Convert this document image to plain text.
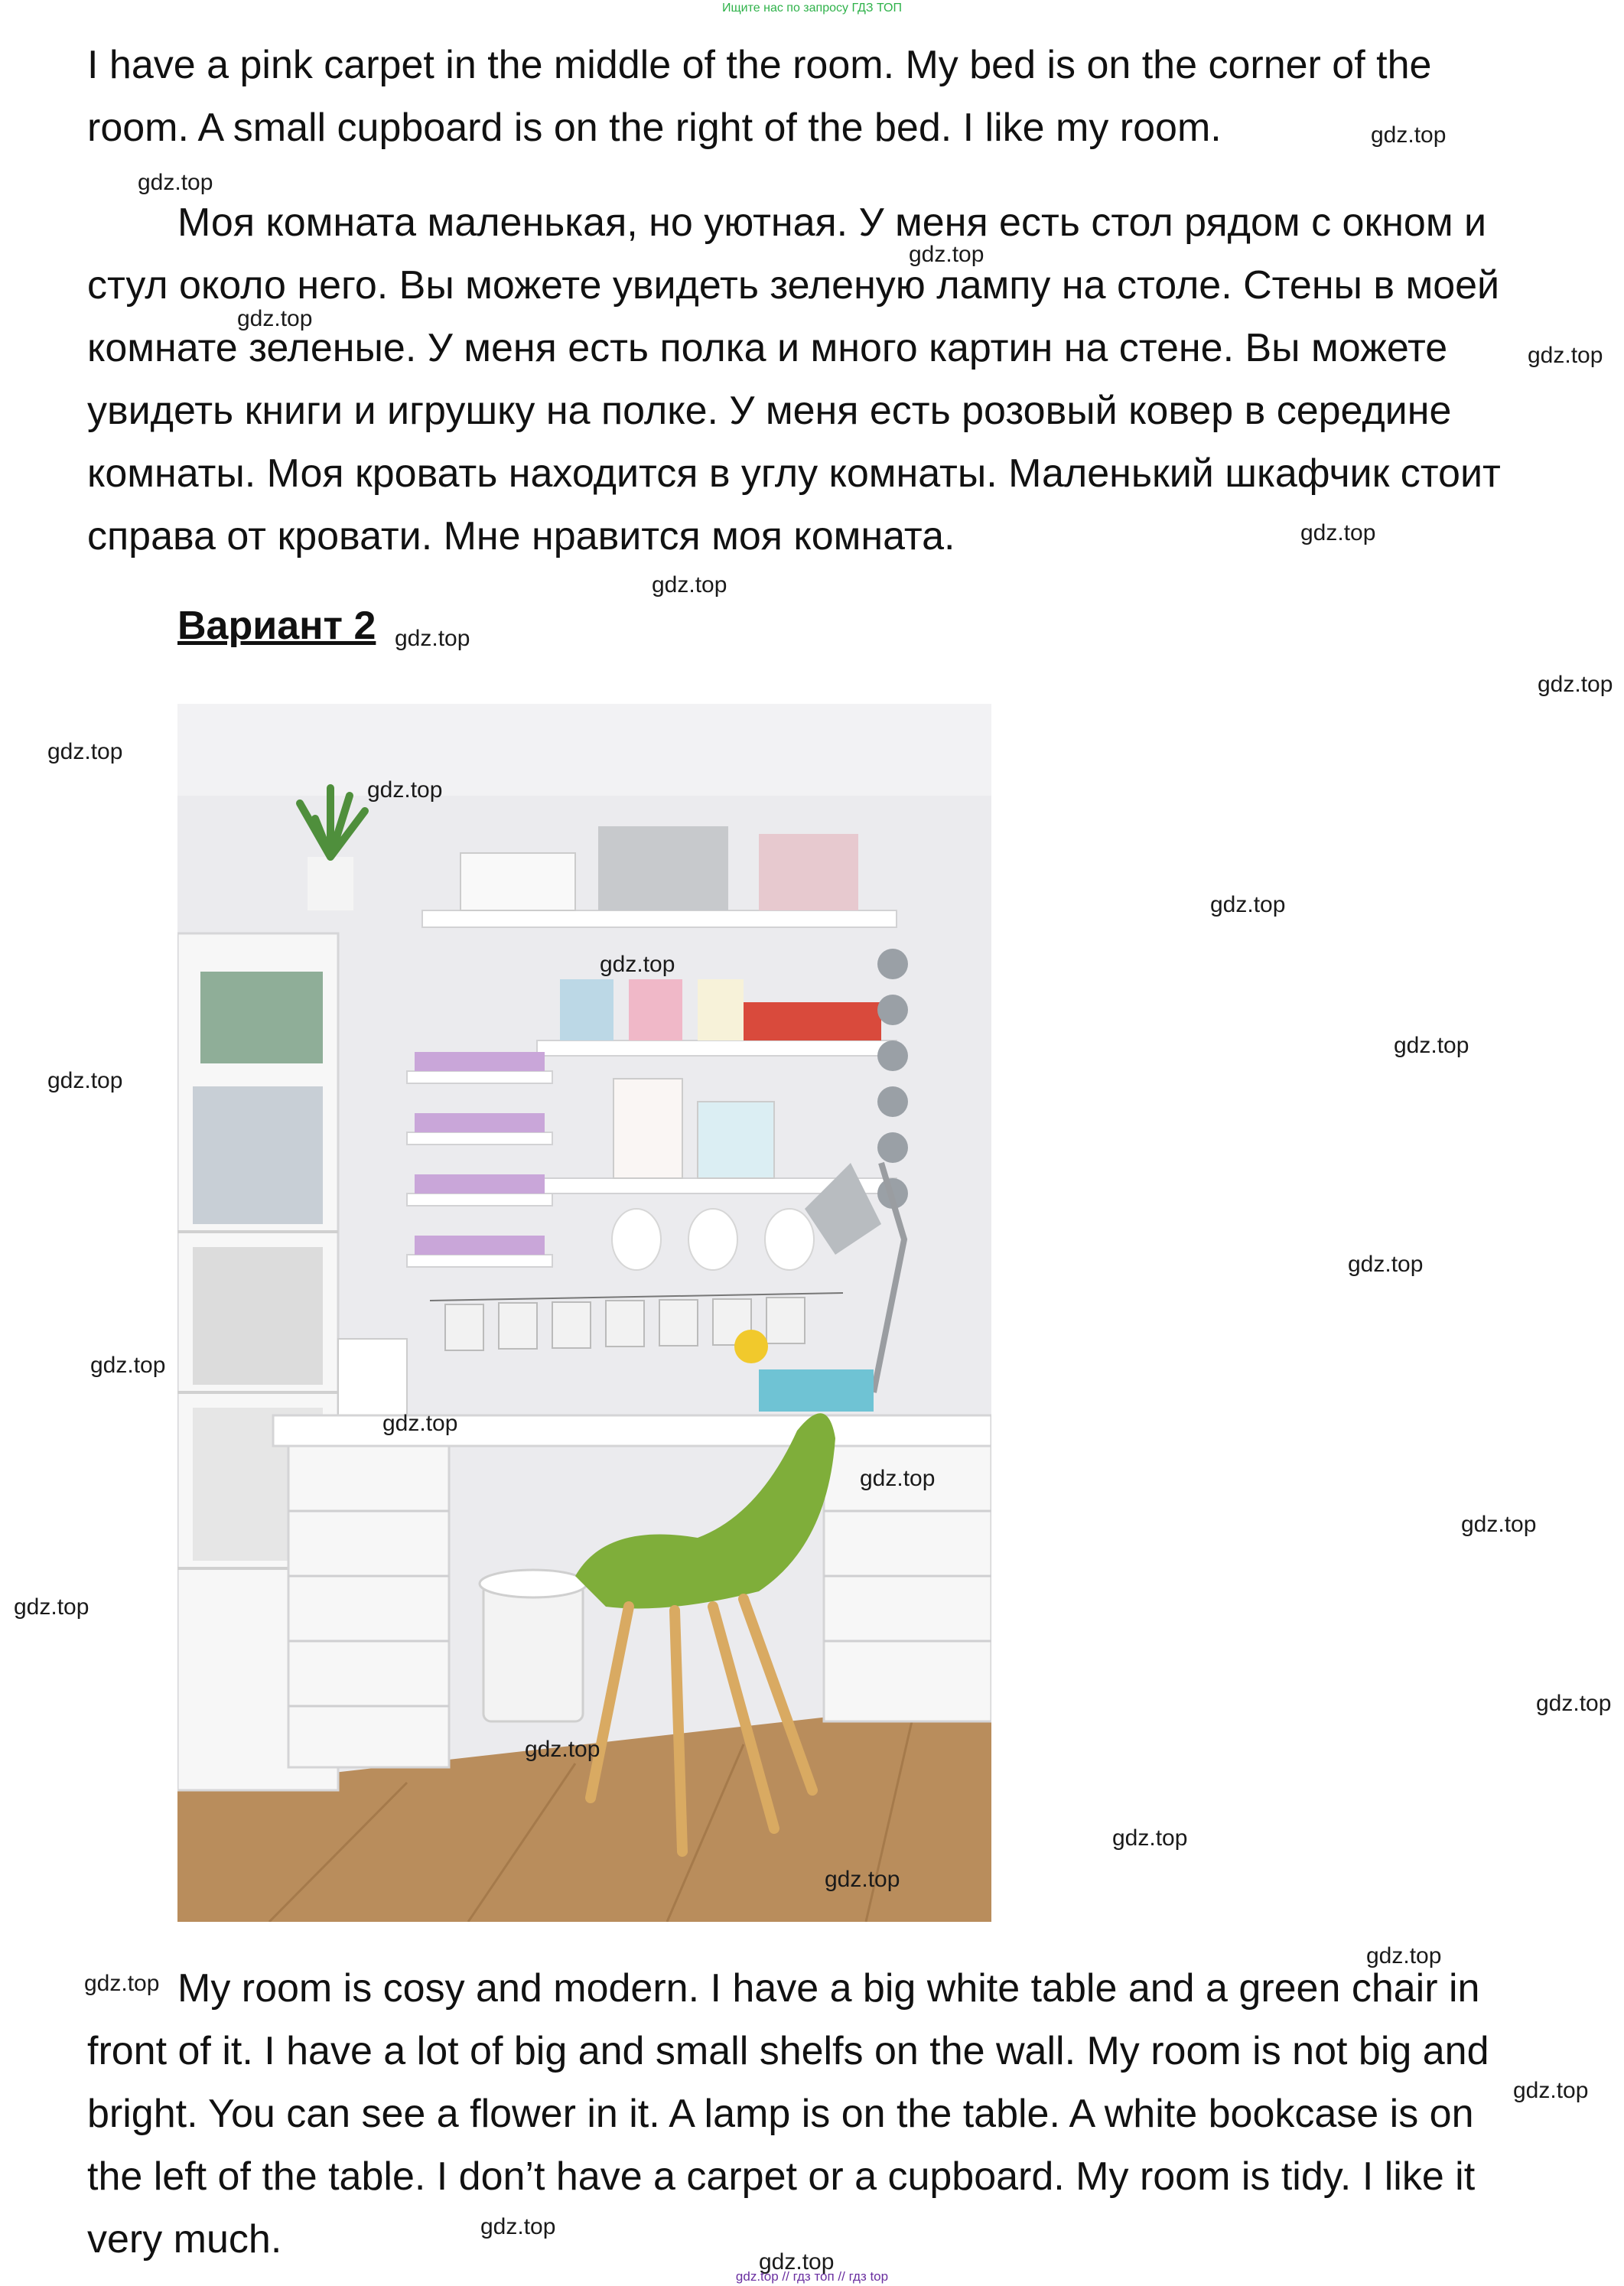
Ищите нас по запросу ГДЗ ТОП
I have a pink carpet in the middle of the room. My bed is on the corner of the
room. A small cupboard is on the right of the bed. I like my room.
Моя комната маленькая, но уютная. У меня есть стол рядом с окном и
стул около него. Вы можете увидеть зеленую лампу на столе. Стены в моей
комнате зеленые. У меня есть полка и много картин на стене. Вы можете
увидеть книги и игрушку на полке. У меня есть розовый ковер в середине
комнаты. Моя кровать находится в углу комнаты. Маленький шкафчик стоит
справа от кровати. Мне нравится моя комната.
Вариант 2
My room is cosy and modern. I have a big white table and a green chair in
front of it. I have a lot of big and small shelfs on the wall. My room is not big and
bright. You can see a flower in it. A lamp is on the table. A white bookcase is on
the left of the table. I don’t have a carpet or a cupboard. My room is tidy. I like it
very much.
gdz.top
gdz.top
gdz.top
gdz.top
gdz.top
gdz.top
gdz.top
gdz.top
gdz.top
gdz.top
gdz.top
gdz.top
gdz.top
gdz.top
gdz.top
gdz.top
gdz.top
gdz.top
gdz.top
gdz.top
gdz.top
gdz.top
gdz.top
gdz.top
gdz.top
gdz.top
gdz.top
gdz.top
gdz.top
gdz.top
gdz.top // гдз топ // гдз top
